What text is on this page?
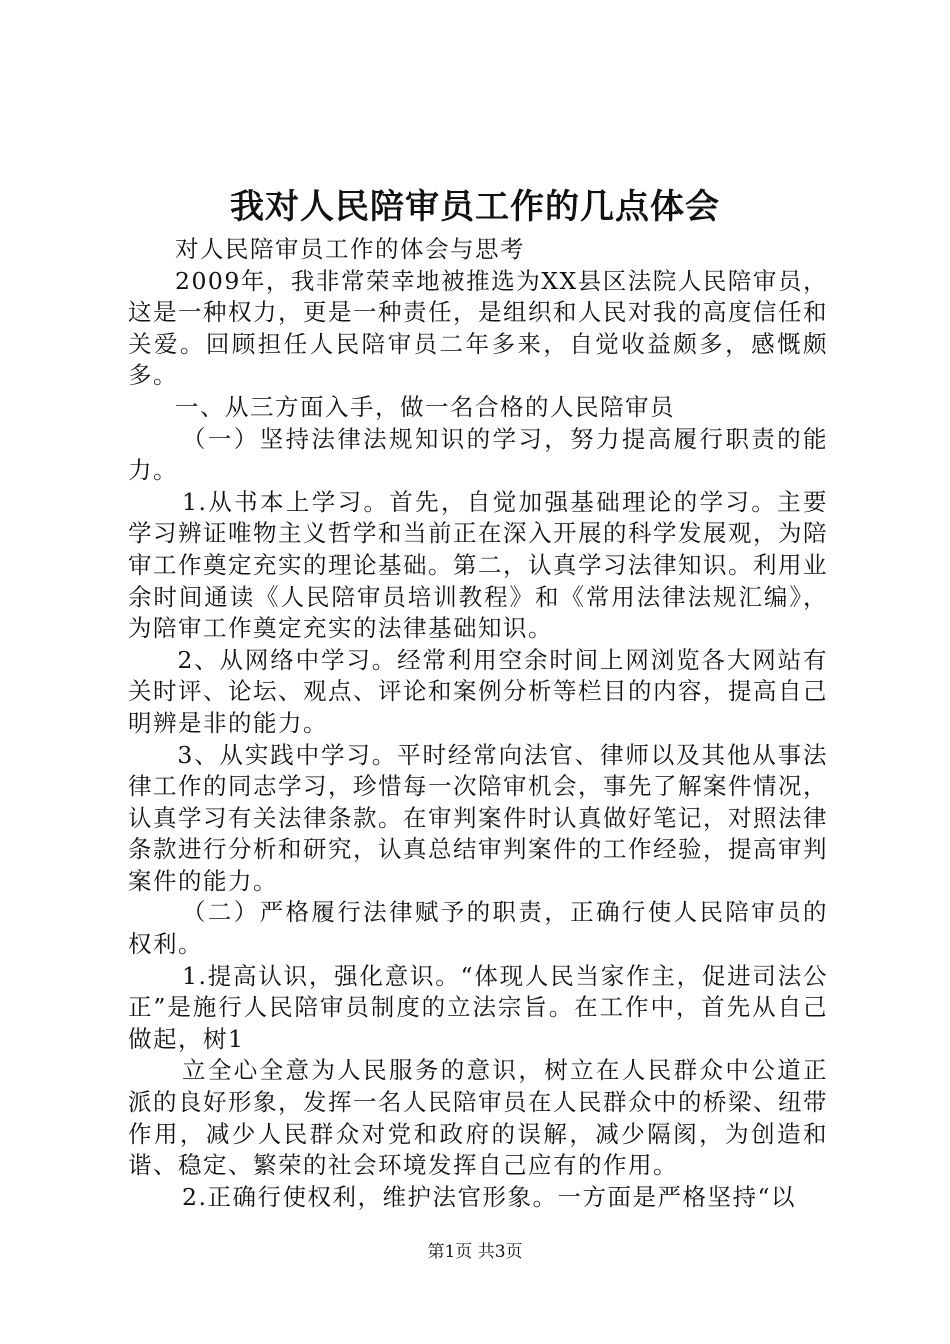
我对人民陪审员工作的几点体会

对人民陪审员工作的体会与思考

2009年，我非常荣幸地被推选为XX县区法院人民陪审员，这是一种权力，更是一种责任，是组织和人民对我的高度信任和关爱。回顾担任人民陪审员二年多来，自觉收益颇多，感慨颇多。

一、从三方面入手，做一名合格的人民陪审员

（一）坚持法律法规知识的学习，努力提高履行职责的能力。

1.从书本上学习。首先，自觉加强基础理论的学习。主要学习辨证唯物主义哲学和当前正在深入开展的科学发展观，为陪审工作奠定充实的理论基础。第二，认真学习法律知识。利用业余时间通读《人民陪审员培训教程》和《常用法律法规汇编》，为陪审工作奠定充实的法律基础知识。

2、从网络中学习。经常利用空余时间上网浏览各大网站有关时评、论坛、观点、评论和案例分析等栏目的内容，提高自己明辨是非的能力。

3、从实践中学习。平时经常向法官、律师以及其他从事法律工作的同志学习，珍惜每一次陪审机会，事先了解案件情况，认真学习有关法律条款。在审判案件时认真做好笔记，对照法律条款进行分析和研究，认真总结审判案件的工作经验，提高审判案件的能力。

（二）严格履行法律赋予的职责，正确行使人民陪审员的权利。

1.提高认识，强化意识。“体现人民当家作主，促进司法公正”是施行人民陪审员制度的立法宗旨。在工作中，首先从自己做起，树1

立全心全意为人民服务的意识，树立在人民群众中公道正派的良好形象，发挥一名人民陪审员在人民群众中的桥梁、纽带作用，减少人民群众对党和政府的误解，减少隔阂，为创造和谐、稳定、繁荣的社会环境发挥自己应有的作用。

2.正确行使权利，维护法官形象。一方面是严格坚持“以

第1页 共3页
